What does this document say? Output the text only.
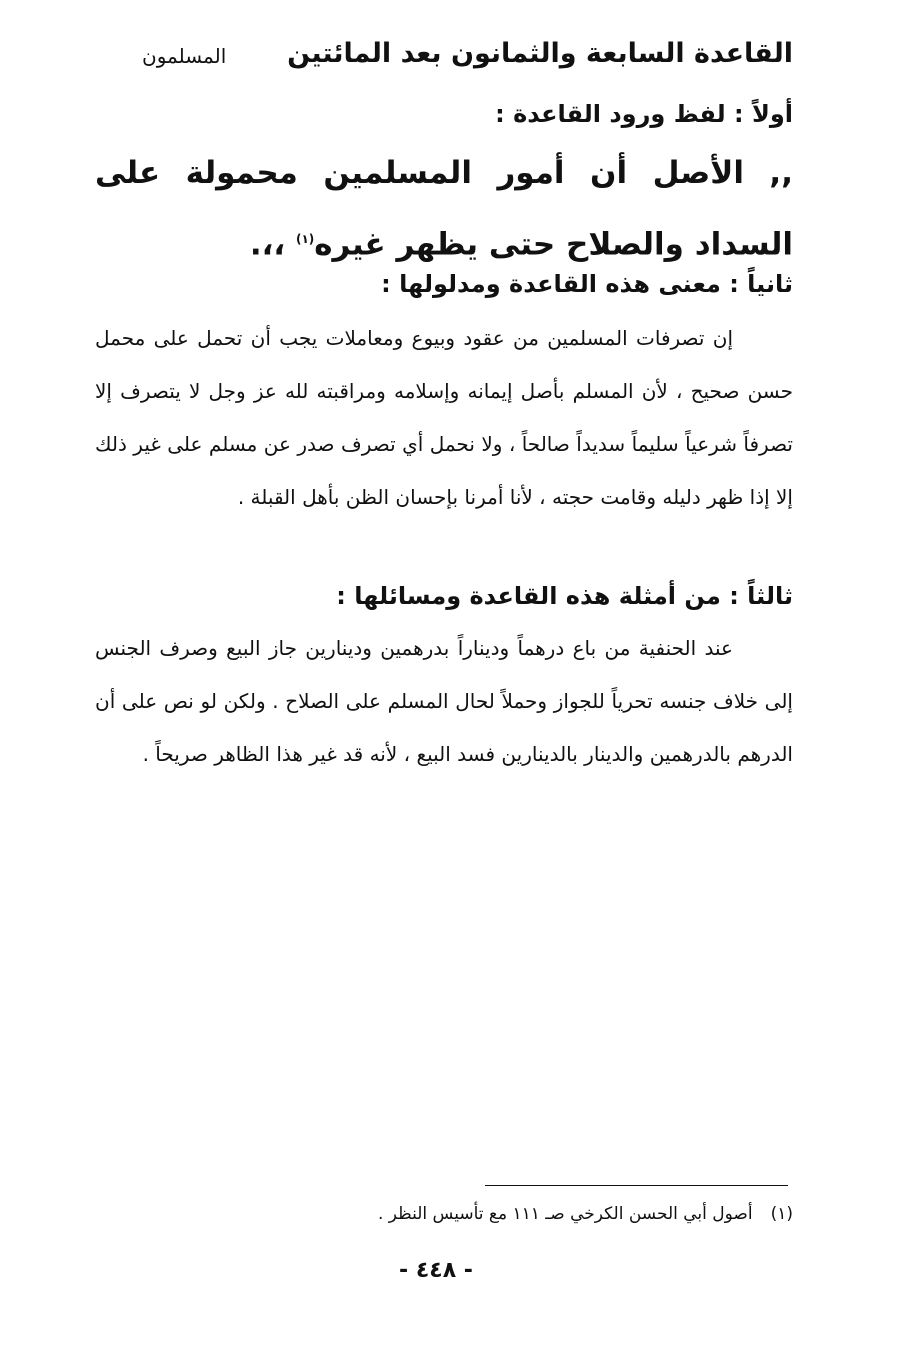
القاعدة السابعة والثمانون بعد المائتين
المسلمون
أولاً : لفظ ورود القاعدة :
,, الأصل أن أمور المسلمين محمولة على السداد والصلاح حتى يظهر غيره$^{(١)}$ ،،.
ثانياً : معنى هذه القاعدة ومدلولها :
إن تصرفات المسلمين من عقود وبيوع ومعاملات يجب أن تحمل على محمل حسن صحيح ، لأن المسلم بأصل إيمانه وإسلامه ومراقبته لله عز وجل لا يتصرف إلا تصرفاً شرعياً سليماً سديداً صالحاً ، ولا نحمل أي تصرف صدر عن مسلم على غير ذلك إلا إذا ظهر دليله وقامت حجته ، لأنا أمرنا بإحسان الظن بأهل القبلة .
ثالثاً : من أمثلة هذه القاعدة ومسائلها :
عند الحنفية من باع درهماً وديناراً بدرهمين ودينارين جاز البيع وصرف الجنس إلى خلاف جنسه تحرياً للجواز وحملاً لحال المسلم على الصلاح . ولكن لو نص على أن الدرهم بالدرهمين والدينار بالدينارين فسد البيع ، لأنه قد غير هذا الظاهر صريحاً .
(١)أصول أبي الحسن الكرخي صـ ١١١ مع تأسيس النظر .
- ٤٤٨ -
